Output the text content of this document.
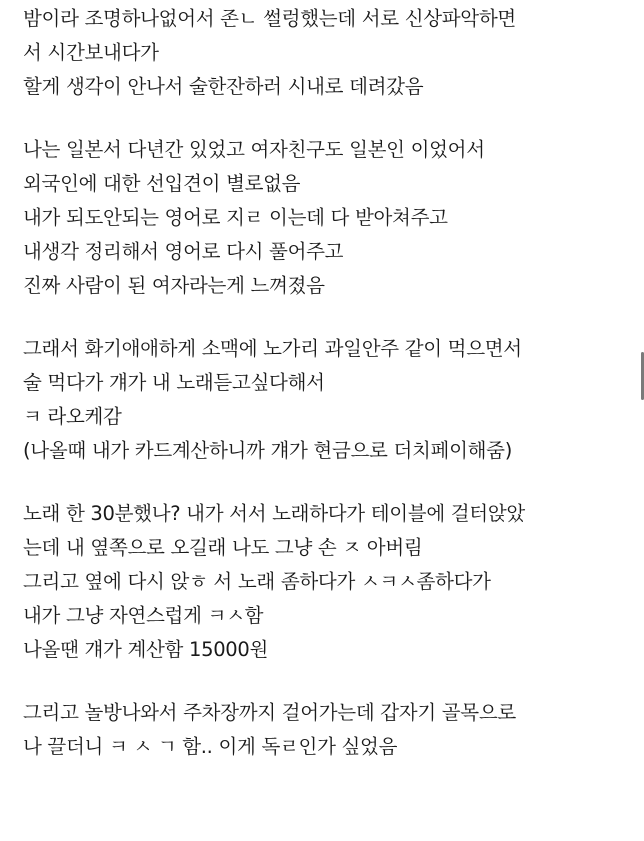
밤이라 조명하나없어서 존ㄴ 썰렁했는데 서로 신상파악하면
서 시간보내다가
할게 생각이 안나서 술한잔하러 시내로 데려갔음
나는 일본서 다년간 있었고 여자친구도 일본인 이었어서
외국인에 대한 선입견이 별로없음
내가 되도안되는 영어로 지ㄹ 이는데 다 받아쳐주고
내생각 정리해서 영어로 다시 풀어주고
진짜 사람이 된 여자라는게 느껴졌음
그래서 화기애애하게 소맥에 노가리 과일안주 같이 먹으면서
술 먹다가 걔가 내 노래듣고싶다해서
ㅋ 라오케감
(나올때 내가 카드계산하니까 걔가 현금으로 더치페이해줌)
노래 한 30분했나? 내가 서서 노래하다가 테이블에 걸터앉았
는데 내 옆쪽으로 오길래 나도 그냥 손 ㅈ 아버림
그리고 옆에 다시 앉ㅎ 서 노래 좀하다가 ㅅㅋㅅ좀하다가
내가 그냥 자연스럽게 ㅋㅅ함
나올땐 걔가 계산함 15000원
그리고 놀방나와서 주차장까지 걸어가는데 갑자기 골목으로
나 끌더니 ㅋ ㅅ ㄱ 함.. 이게 독ㄹ인가 싶었음
